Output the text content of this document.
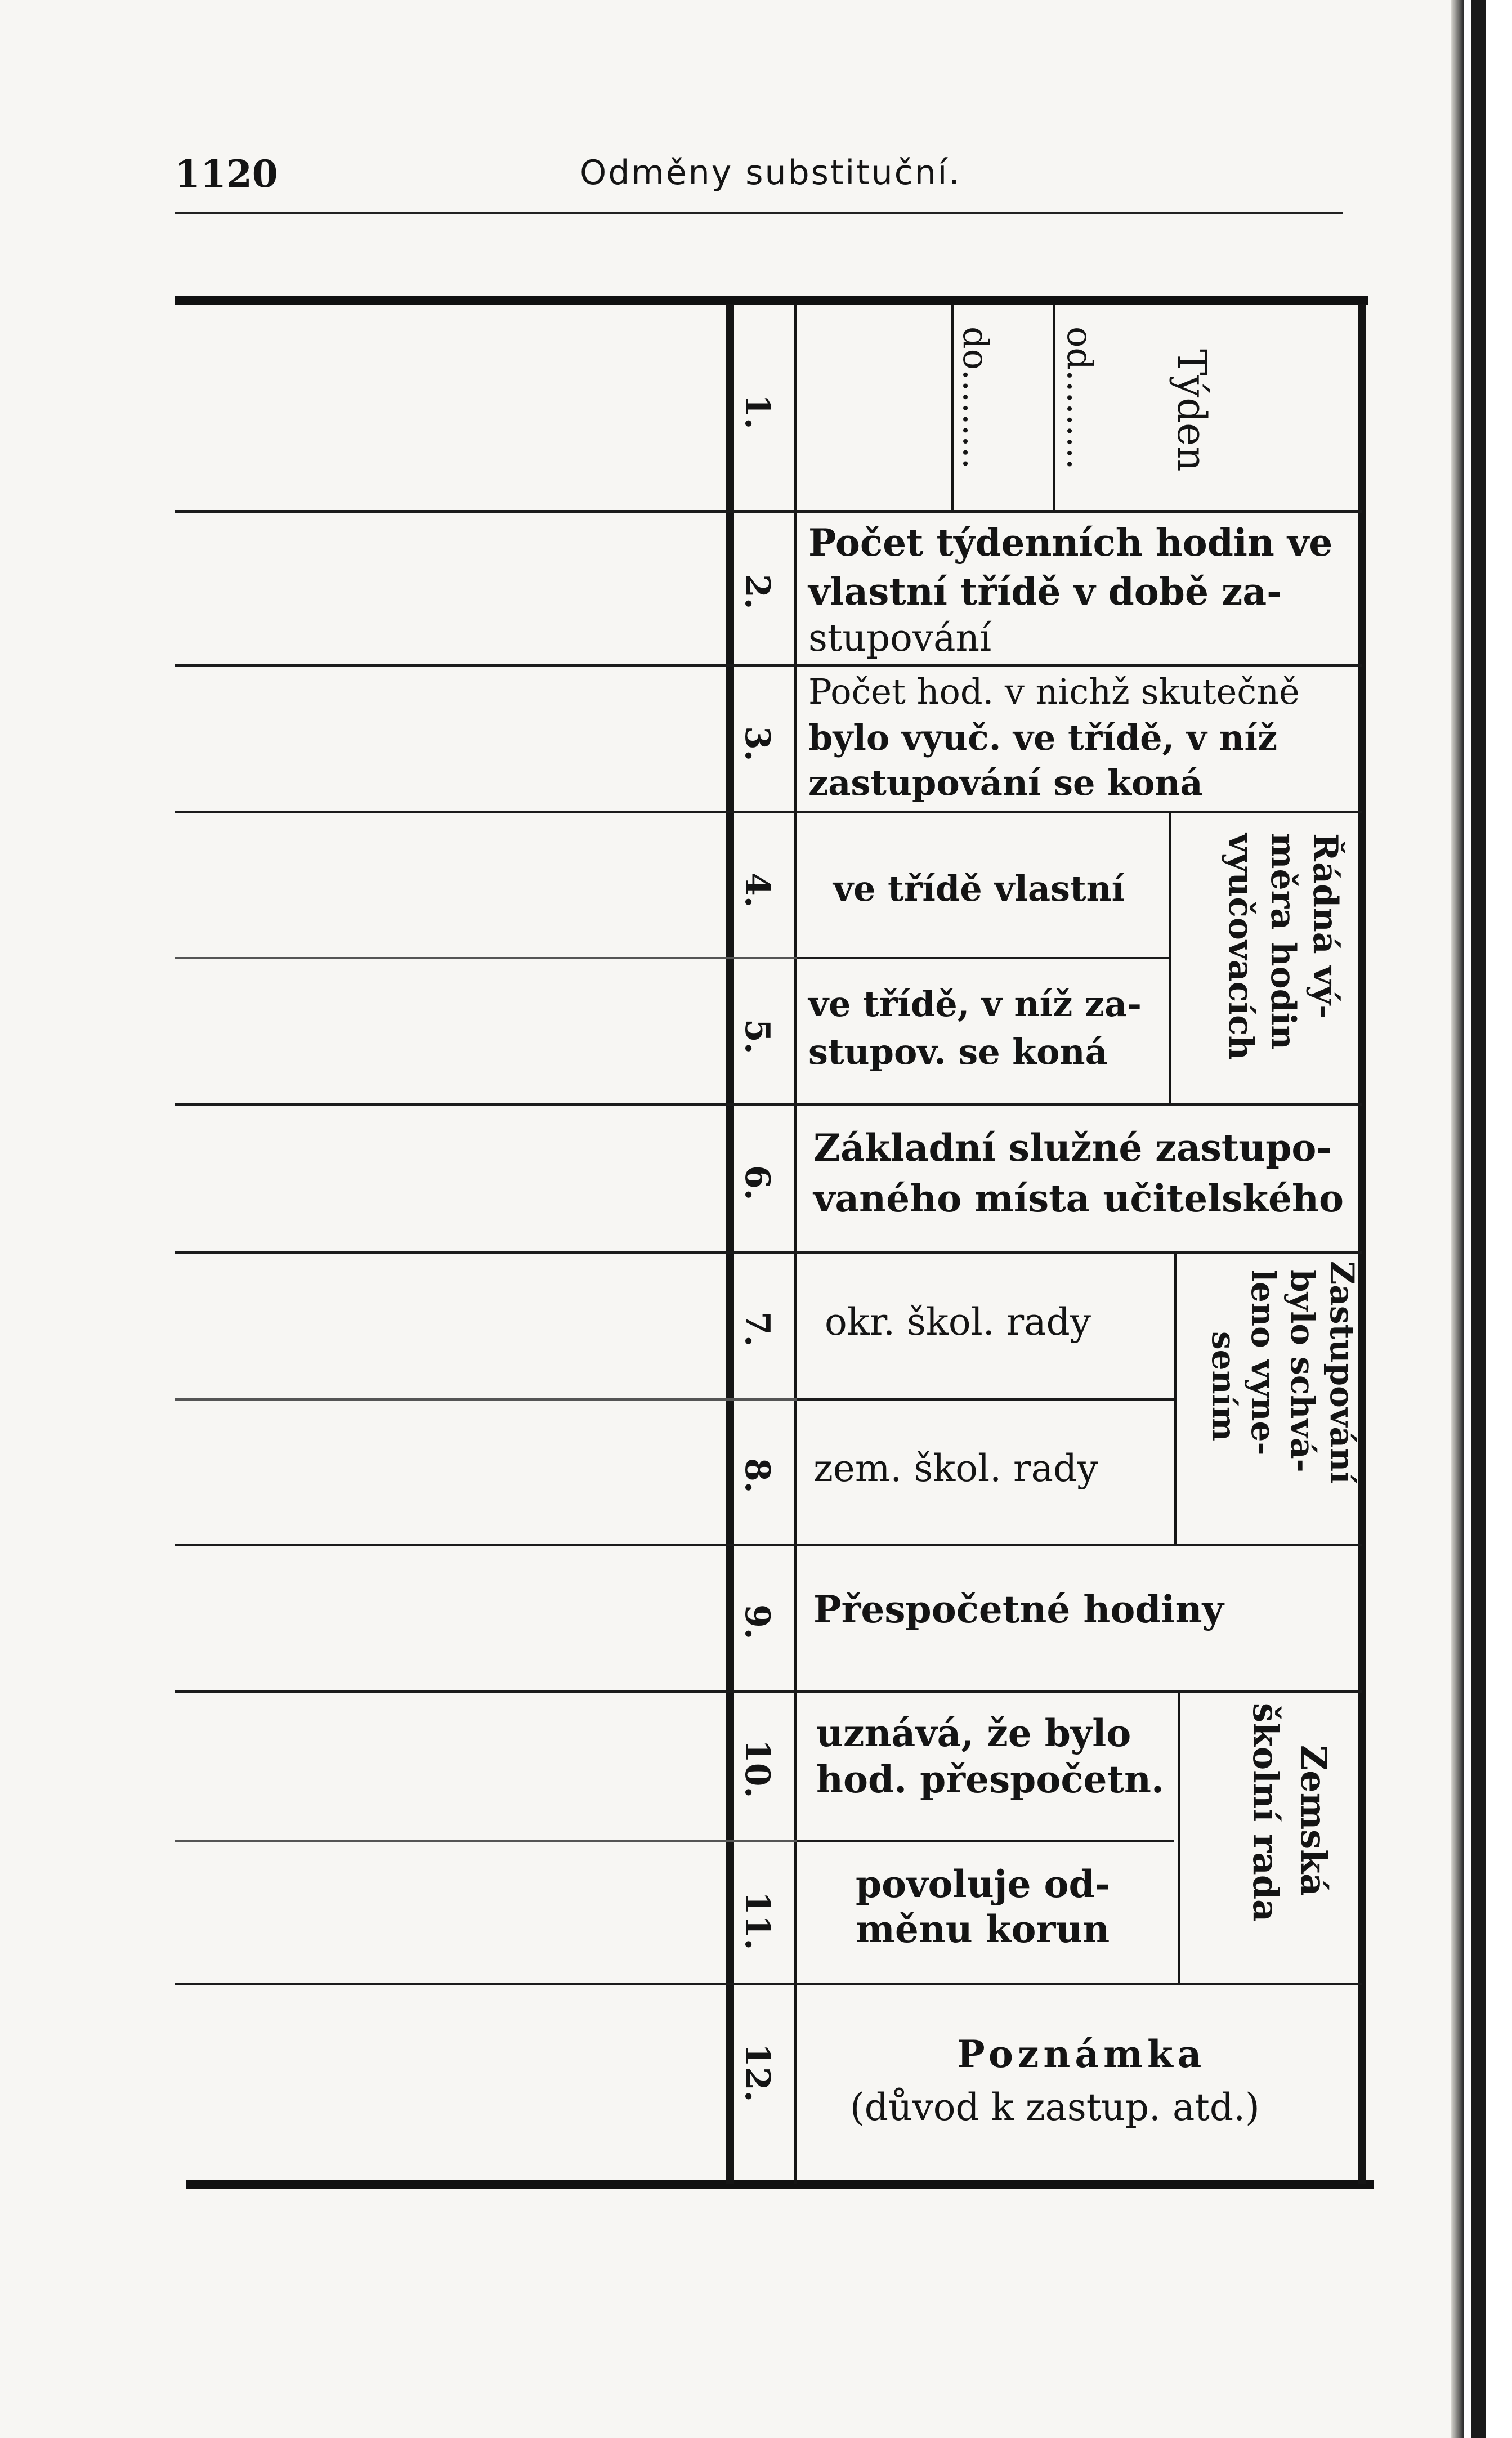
1120	Odměny substituční.
1.
2.
3.
4.
5.
6.
7.
8.
9.
10.
11.
12.
Týden
od.........
do.........
Počet týdenních hodin ve
vlastní třídě v době za-
stupování
Počet hod. v nichž skutečně
bylo vyuč. ve třídě, v níž
zastupování se koná
ve třídě vlastní
ve třídě, v níž za-
stupov. se koná
Řádná vý-
měra hodin
vyučovacích
Základní služné zastupo-
vaného místa učitelského
okr. škol. rady
zem. škol. rady	Zastupování
bylo schvá-
leno vyne-
sením
Přespočetné hodiny
uznává, že bylo
hod. přespočetn.
povoluje od-
měnu korun
Zemská
školní rada
Poznámka
(důvod k zastup. atd.)
